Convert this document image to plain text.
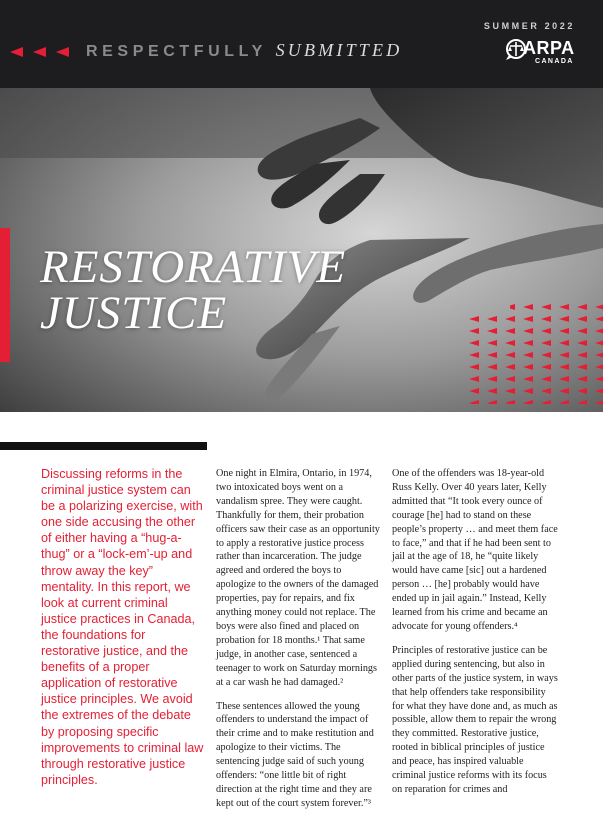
RESPECTFULLY SUBMITTED
SUMMER 2022
ARPA
CANADA
RESTORATIVE
JUSTICE

Discussing reforms in the criminal justice system can be a polarizing exercise, with one side accusing the other of either having a “hug-a-thug” or a “lock-em’-up and throw away the key” mentality. In this report, we look at current criminal justice practices in Canada, the foundations for restorative justice, and the benefits of a proper application of restorative justice principles. We avoid the extremes of the debate by proposing specific improvements to criminal law through restorative justice principles.

One night in Elmira, Ontario, in 1974, two intoxicated boys went on a vandalism spree. They were caught. Thankfully for them, their probation officers saw their case as an opportunity to apply a restorative justice process rather than incarceration. The judge agreed and ordered the boys to apologize to the owners of the damaged properties, pay for repairs, and fix anything money could not replace. The boys were also fined and placed on probation for 18 months.¹ That same judge, in another case, sentenced a teenager to work on Saturday mornings at a car wash he had damaged.²

These sentences allowed the young offenders to understand the impact of their crime and to make restitution and apologize to their victims. The sentencing judge said of such young offenders: “one little bit of right direction at the right time and they are kept out of the court system forever.”³

One of the offenders was 18-year-old Russ Kelly. Over 40 years later, Kelly admitted that “It took every ounce of courage [he] had to stand on these people’s property … and meet them face to face,” and that if he had been sent to jail at the age of 18, he “quite likely would have came [sic] out a hardened person … [he] probably would have ended up in jail again.” Instead, Kelly learned from his crime and became an advocate for young offenders.⁴

Principles of restorative justice can be applied during sentencing, but also in other parts of the justice system, in ways that help offenders take responsibility for what they have done and, as much as possible, allow them to repair the wrong they committed. Restorative justice, rooted in biblical principles of justice and peace, has inspired valuable criminal justice reforms with its focus on reparation for crimes and
